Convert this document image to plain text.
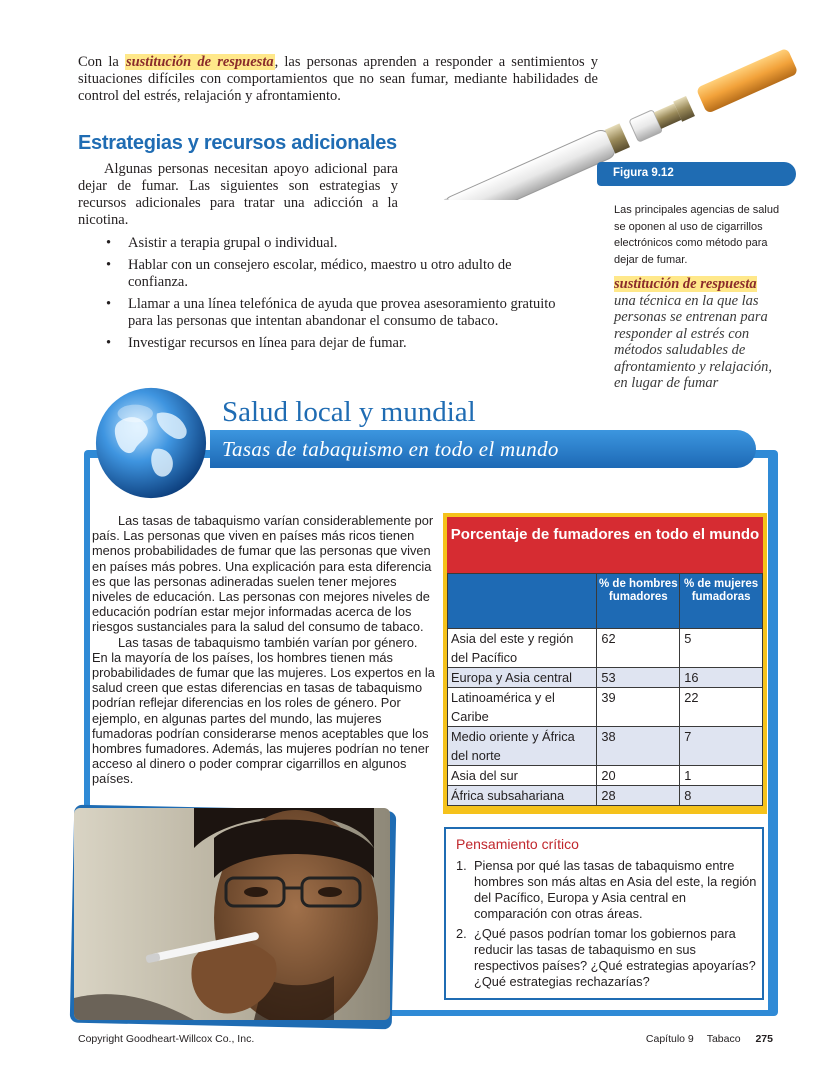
Con la sustitución de respuesta, las personas aprenden a responder a sentimientos y situaciones difíciles con comportamientos que no sean fumar, mediante habilidades de control del estrés, relajación y afrontamiento.

Estrategias y recursos adicionales

Algunas personas necesitan apoyo adicional para dejar de fumar. Las siguientes son estrategias y recursos adicionales para tratar una adicción a la nicotina.

• Asistir a terapia grupal o individual.
• Hablar con un consejero escolar, médico, maestro u otro adulto de confianza.
• Llamar a una línea telefónica de ayuda que provea asesoramiento gratuito para las personas que intentan abandonar el consumo de tabaco.
• Investigar recursos en línea para dejar de fumar.
Figura 9.12

Las principales agencias de salud se oponen al uso de cigarrillos electrónicos como método para dejar de fumar.

sustitución de respuesta
una técnica en la que las personas se entrenan para responder al estrés con métodos saludables de afrontamiento y relajación, en lugar de fumar
Salud local y mundial
Tasas de tabaquismo en todo el mundo

Las tasas de tabaquismo varían considerablemente por país. Las personas que viven en países más ricos tienen menos probabilidades de fumar que las personas que viven en países más pobres. Una explicación para esta diferencia es que las personas adineradas suelen tener mejores niveles de educación. Las personas con mejores niveles de educación podrían estar mejor informadas acerca de los riesgos sustanciales para la salud del consumo de tabaco.

Las tasas de tabaquismo también varían por género. En la mayoría de los países, los hombres tienen más probabilidades de fumar que las mujeres. Los expertos en la salud creen que estas diferencias en tasas de tabaquismo podrían reflejar diferencias en los roles de género. Por ejemplo, en algunas partes del mundo, las mujeres fumadoras podrían considerarse menos aceptables que los hombres fumadores. Además, las mujeres podrían no tener acceso al dinero o poder comprar cigarrillos en algunos países.

Porcentaje de fumadores en todo el mundo
	% de hombres fumadores	% de mujeres fumadoras
Asia del este y región del Pacífico	62	5
Europa y Asia central	53	16
Latinoamérica y el Caribe	39	22
Medio oriente y África del norte	38	7
Asia del sur	20	1
África subsahariana	28	8
Pensamiento crítico
1. Piensa por qué las tasas de tabaquismo entre hombres son más altas en Asia del este, la región del Pacífico, Europa y Asia central en comparación con otras áreas.
2. ¿Qué pasos podrían tomar los gobiernos para reducir las tasas de tabaquismo en sus respectivos países? ¿Qué estrategias apoyarías? ¿Qué estrategias rechazarías?
Copyright Goodheart-Willcox Co., Inc.	Capítulo 9 Tabaco 275
